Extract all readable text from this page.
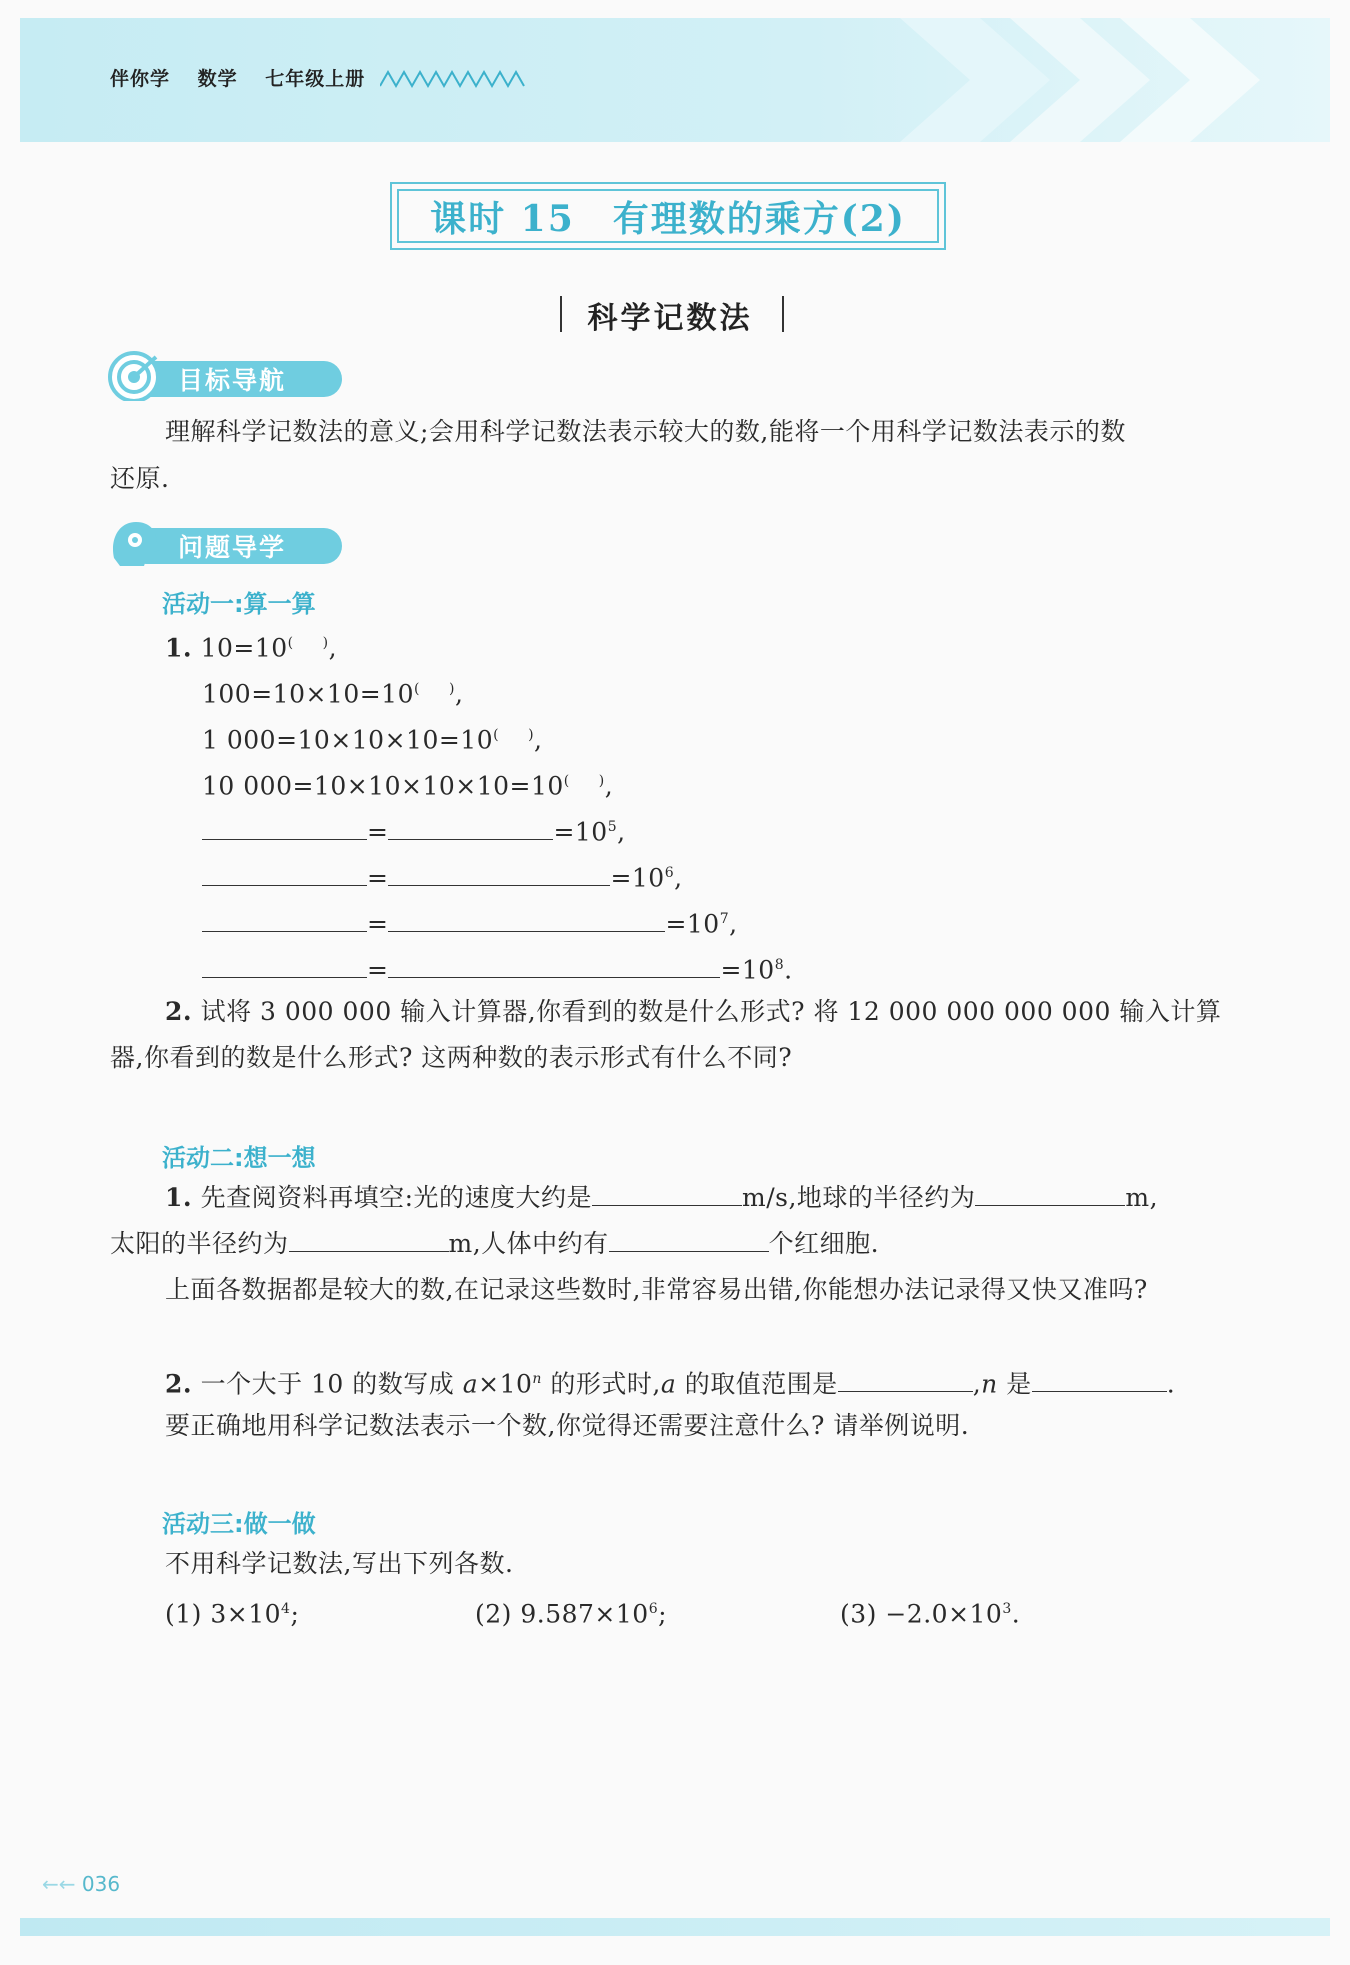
伴你学 数学 七年级上册
课时 15　有理数的乘方(2)
科学记数法
目标导航
理解科学记数法的意义;会用科学记数法表示较大的数,能将一个用科学记数法表示的数
还原.
问题导学
活动一:算一算
1. 10=10(　　),
100=10×10=10(　　),
1 000=10×10×10=10(　　),
10 000=10×10×10×10=10(　　),
=	$=10^5$,
=	$=10^6$,
=	$=10^7$,
=	$=10^8$.
2. 试将 3 000 000 输入计算器,你看到的数是什么形式? 将 12 000 000 000 000 输入计算
器,你看到的数是什么形式? 这两种数的表示形式有什么不同?
活动二:想一想
1. 先查阅资料再填空:光的速度大约是	m/s,地球的半径约为	m,
太阳的半径约为	m,人体中约有	个红细胞.
上面各数据都是较大的数,在记录这些数时,非常容易出错,你能想办法记录得又快又准吗?
2. 一个大于 10 的数写成 $a\times 10^n$ 的形式时,a 的取值范围是	,n 是	.
要正确地用科学记数法表示一个数,你觉得还需要注意什么? 请举例说明.
活动三:做一做
不用科学记数法,写出下列各数.
(1) $3\times 10^4$;	(2) $9.587\times 10^6$;	$(3) -2.0\times 10^3$.
←← 036
